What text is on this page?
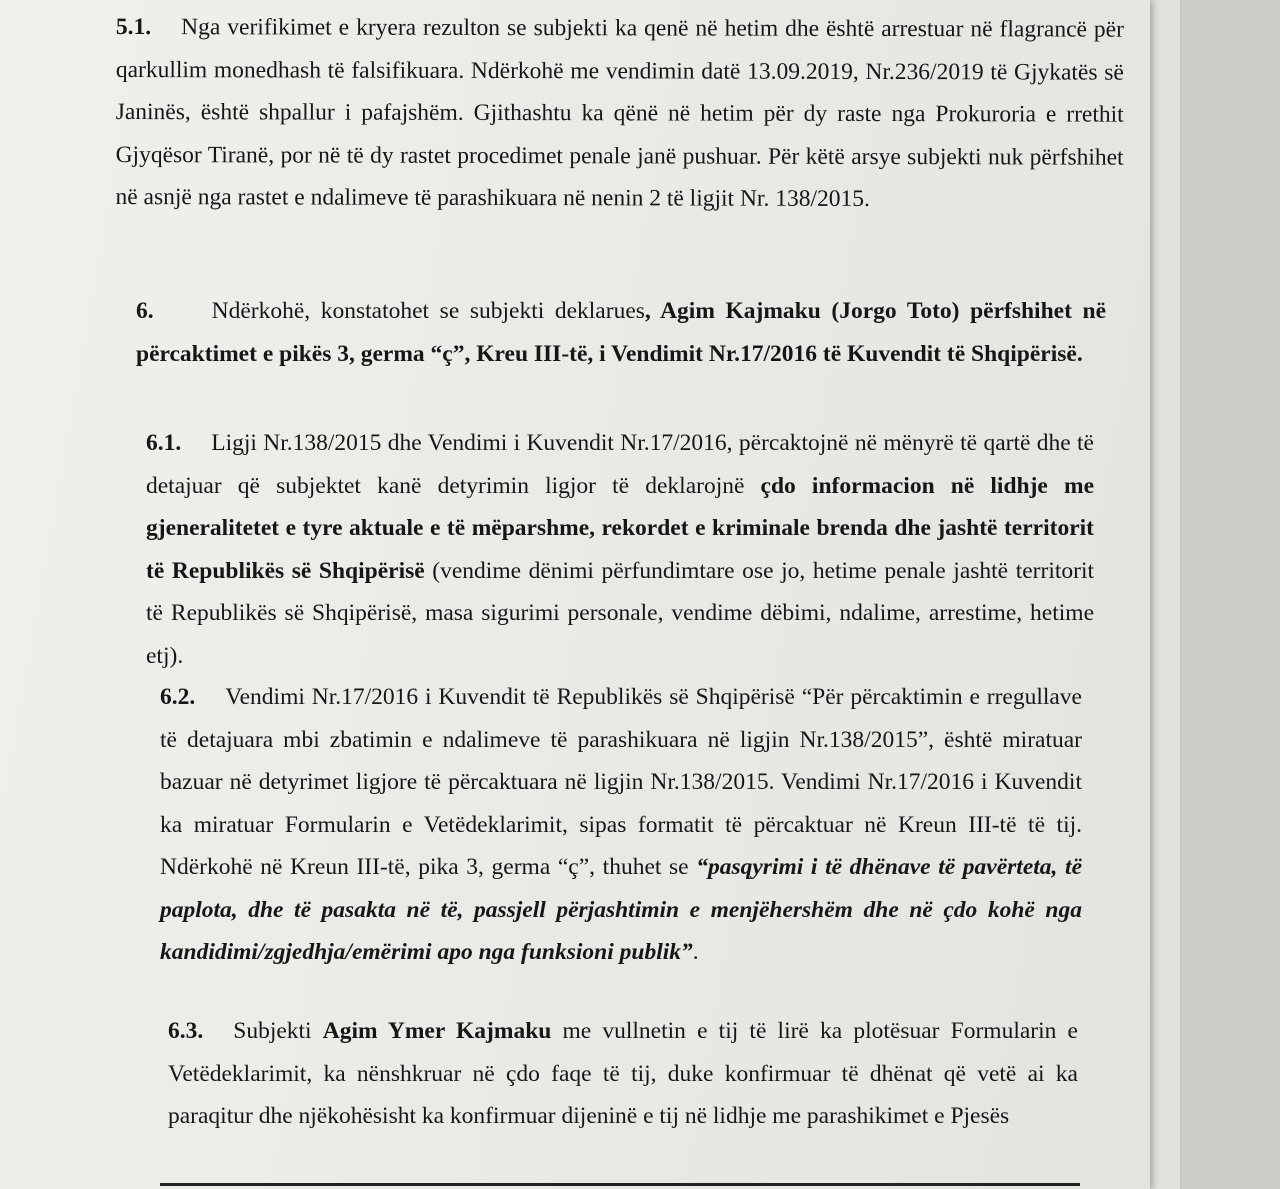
5.1. Nga verifikimet e kryera rezulton se subjekti ka qenë në hetim dhe është arrestuar në flagrancë për qarkullim monedhash të falsifikuara. Ndërkohë me vendimin datë 13.09.2019, Nr.236/2019 të Gjykatës së Janinës, është shpallur i pafajshëm. Gjithashtu ka qënë në hetim për dy raste nga Prokuroria e rrethit Gjyqësor Tiranë, por në të dy rastet procedimet penale janë pushuar. Për këtë arsye subjekti nuk përfshihet në asnjë nga rastet e ndalimeve të parashikuara në nenin 2 të ligjit Nr. 138/2015.
6. Ndërkohë, konstatohet se subjekti deklarues, Agim Kajmaku (Jorgo Toto) përfshihet në përcaktimet e pikës 3, germa “ç”, Kreu III-të, i Vendimit Nr.17/2016 të Kuvendit të Shqipërisë.
6.1. Ligji Nr.138/2015 dhe Vendimi i Kuvendit Nr.17/2016, përcaktojnë në mënyrë të qartë dhe të detajuar që subjektet kanë detyrimin ligjor të deklarojnë çdo informacion në lidhje me gjeneralitetet e tyre aktuale e të mëparshme, rekordet e kriminale brenda dhe jashtë territorit të Republikës së Shqipërisë (vendime dënimi përfundimtare ose jo, hetime penale jashtë territorit të Republikës së Shqipërisë, masa sigurimi personale, vendime dëbimi, ndalime, arrestime, hetime etj).
6.2. Vendimi Nr.17/2016 i Kuvendit të Republikës së Shqipërisë “Për përcaktimin e rregullave të detajuara mbi zbatimin e ndalimeve të parashikuara në ligjin Nr.138/2015”, është miratuar bazuar në detyrimet ligjore të përcaktuara në ligjin Nr.138/2015. Vendimi Nr.17/2016 i Kuvendit ka miratuar Formularin e Vetëdeklarimit, sipas formatit të përcaktuar në Kreun III-të të tij. Ndërkohë në Kreun III-të, pika 3, germa “ç”, thuhet se “pasqyrimi i të dhënave të pavërteta, të paplota, dhe të pasakta në të, passjell përjashtimin e menjëhershëm dhe në çdo kohë nga kandidimi/zgjedhja/emërimi apo nga funksioni publik”.
6.3. Subjekti Agim Ymer Kajmaku me vullnetin e tij të lirë ka plotësuar Formularin e Vetëdeklarimit, ka nënshkruar në çdo faqe të tij, duke konfirmuar të dhënat që vetë ai ka paraqitur dhe njëkohësisht ka konfirmuar dijeninë e tij në lidhje me parashikimet e Pjesës
